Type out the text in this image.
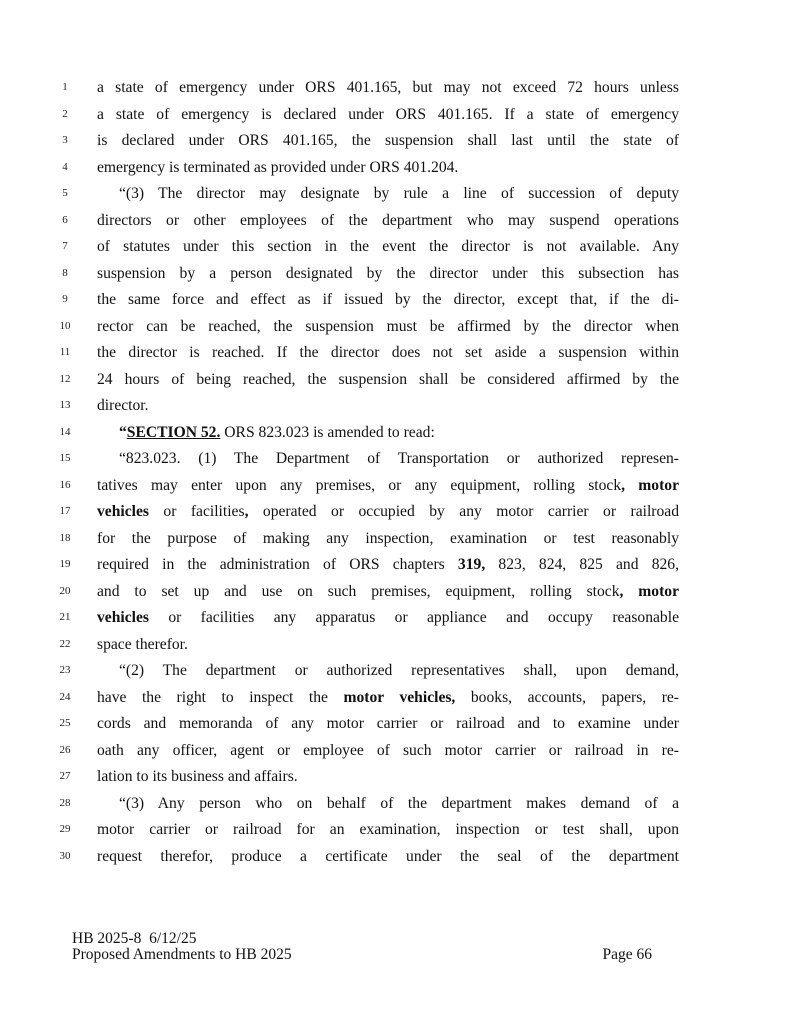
1	a state of emergency under ORS 401.165, but may not exceed 72 hours unless
2	a state of emergency is declared under ORS 401.165. If a state of emergency
3	is declared under ORS 401.165, the suspension shall last until the state of
4	emergency is terminated as provided under ORS 401.204.
5	“(3) The director may designate by rule a line of succession of deputy
6	directors or other employees of the department who may suspend operations
7	of statutes under this section in the event the director is not available. Any
8	suspension by a person designated by the director under this subsection has
9	the same force and effect as if issued by the director, except that, if the di-
10	rector can be reached, the suspension must be affirmed by the director when
11	the director is reached. If the director does not set aside a suspension within
12	24 hours of being reached, the suspension shall be considered affirmed by the
13	director.
14	“SECTION 52. ORS 823.023 is amended to read:
15	“823.023. (1) The Department of Transportation or authorized represen-
16	tatives may enter upon any premises, or any equipment, rolling stock, motor
17	vehicles or facilities, operated or occupied by any motor carrier or railroad
18	for the purpose of making any inspection, examination or test reasonably
19	required in the administration of ORS chapters 319, 823, 824, 825 and 826,
20	and to set up and use on such premises, equipment, rolling stock, motor
21	vehicles or facilities any apparatus or appliance and occupy reasonable
22	space therefor.
23	“(2) The department or authorized representatives shall, upon demand,
24	have the right to inspect the motor vehicles, books, accounts, papers, re-
25	cords and memoranda of any motor carrier or railroad and to examine under
26	oath any officer, agent or employee of such motor carrier or railroad in re-
27	lation to its business and affairs.
28	“(3) Any person who on behalf of the department makes demand of a
29	motor carrier or railroad for an examination, inspection or test shall, upon
30	request therefor, produce a certificate under the seal of the department
HB 2025-8 6/12/25
Proposed Amendments to HB 2025	Page 66
